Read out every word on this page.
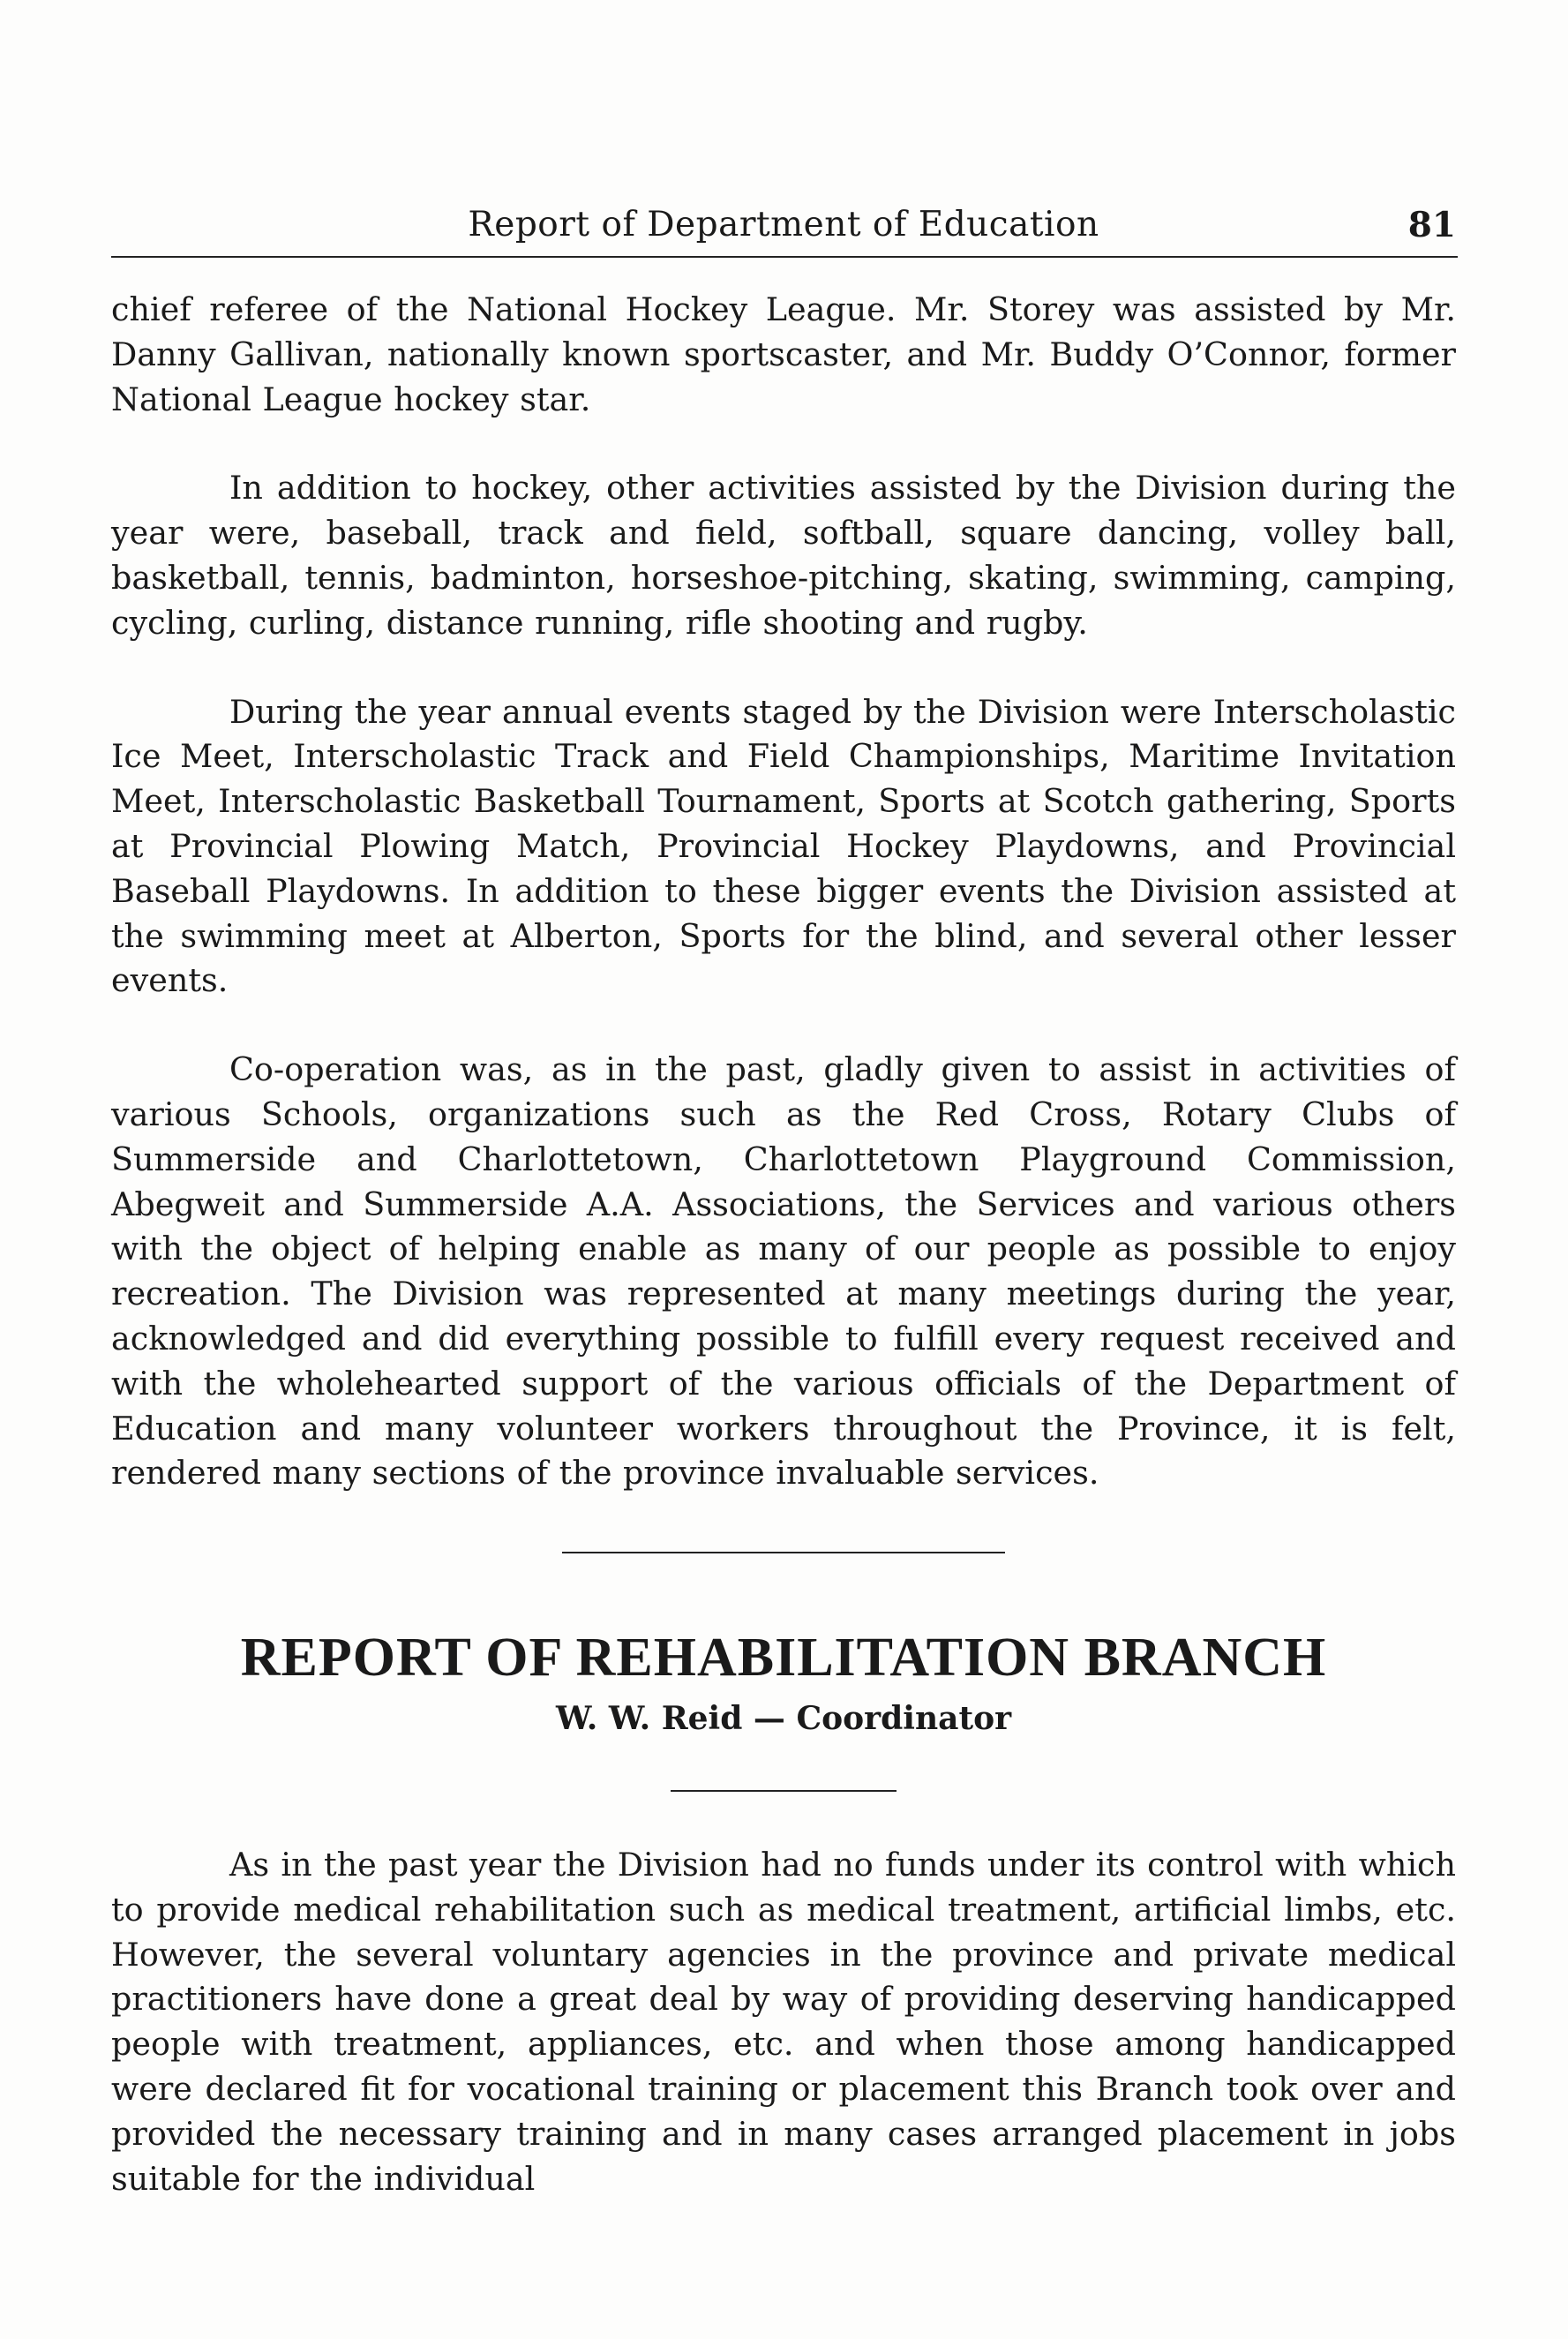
Report of Department of Education	81

chief referee of the National Hockey League. Mr. Storey was assisted by Mr. Danny Gallivan, nationally known sportscaster, and Mr. Buddy O’Connor, former National League hockey star.

In addition to hockey, other activities assisted by the Division during the year were, baseball, track and field, softball, square dancing, volley ball, basketball, tennis, badminton, horseshoe-pitching, skating, swimming, camping, cycling, curling, distance running, rifle shooting and rugby.

During the year annual events staged by the Division were Interscholastic Ice Meet, Interscholastic Track and Field Championships, Maritime Invitation Meet, Interscholastic Basketball Tournament, Sports at Scotch gathering, Sports at Provincial Plowing Match, Provincial Hockey Playdowns, and Provincial Baseball Playdowns. In addition to these bigger events the Division assisted at the swimming meet at Alberton, Sports for the blind, and several other lesser events.

Co-operation was, as in the past, gladly given to assist in activities of various Schools, organizations such as the Red Cross, Rotary Clubs of Summerside and Charlottetown, Charlottetown Playground Commission, Abegweit and Summerside A.A. Associations, the Services and various others with the object of helping enable as many of our people as possible to enjoy recreation. The Division was represented at many meetings during the year, acknowledged and did everything possible to fulfill every request received and with the wholehearted support of the various officials of the Department of Education and many volunteer workers throughout the Province, it is felt, rendered many sections of the province invaluable services.

REPORT OF REHABILITATION BRANCH
W. W. Reid — Coordinator

As in the past year the Division had no funds under its control with which to provide medical rehabilitation such as medical treatment, artificial limbs, etc. However, the several voluntary agencies in the province and private medical practitioners have done a great deal by way of providing deserving handicapped people with treatment, appliances, etc. and when those among handicapped were declared fit for vocational training or placement this Branch took over and provided the necessary training and in many cases arranged placement in jobs suitable for the individual
